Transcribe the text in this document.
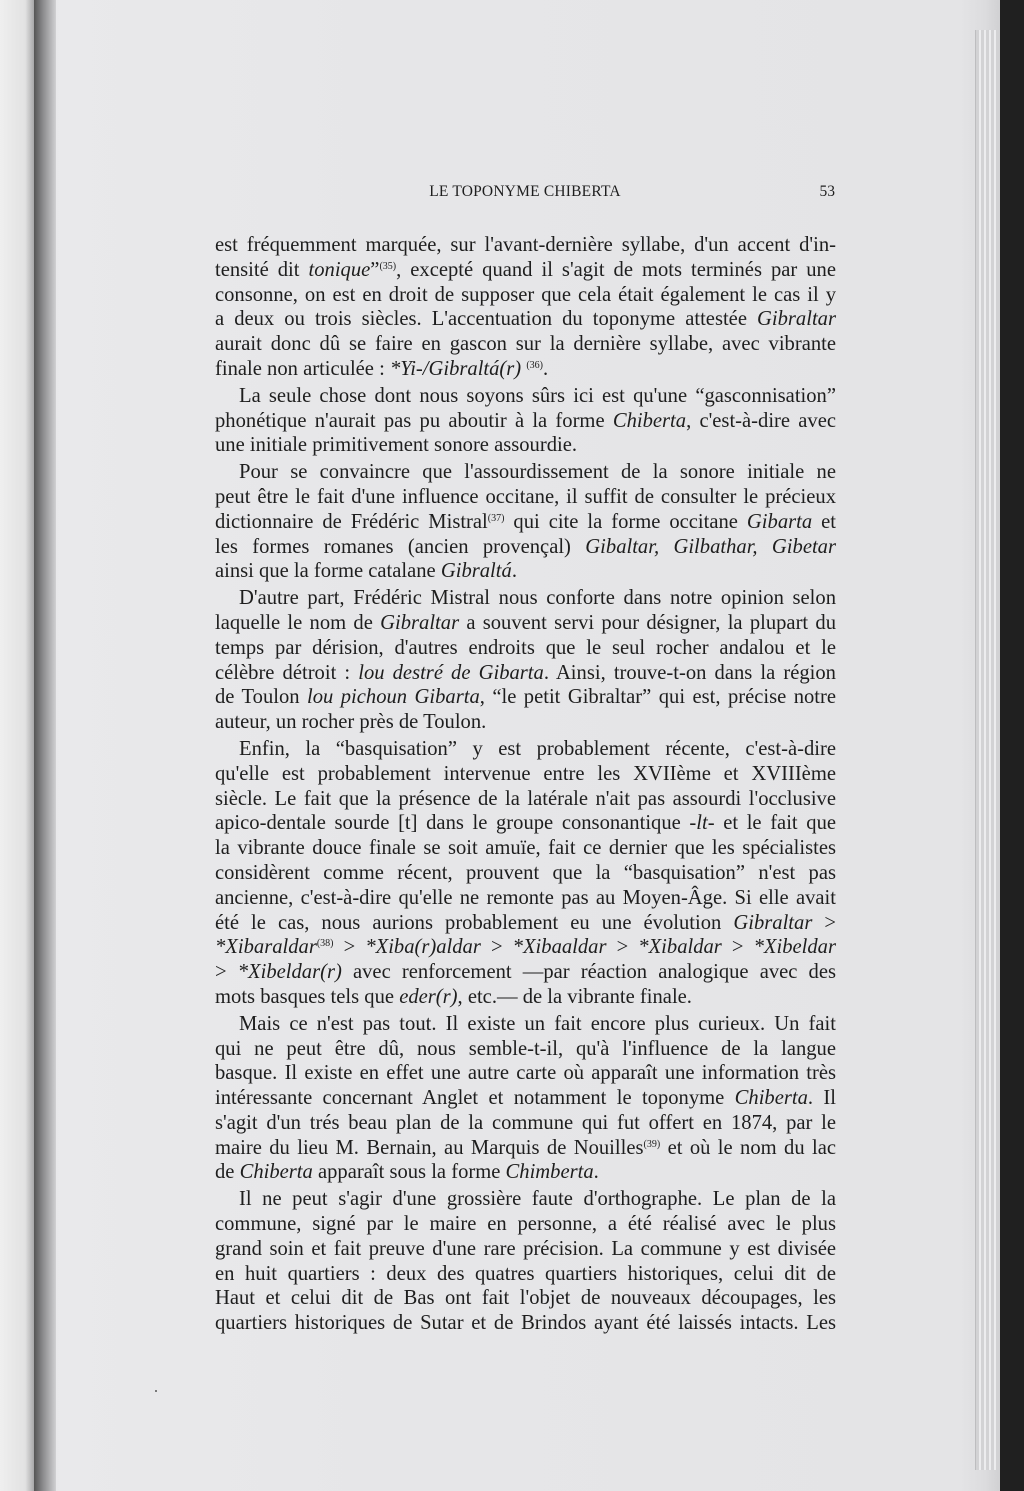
LE TOPONYME CHIBERTA	53
est fréquemment marquée, sur l'avant-dernière syllabe, d'un accent d'in-
tensité dit tonique”$^{(35)}$, excepté quand il s'agit de mots terminés par une
consonne, on est en droit de supposer que cela était également le cas il y
a deux ou trois siècles. L'accentuation du toponyme attestée Gibraltar
aurait donc dû se faire en gascon sur la dernière syllabe, avec vibrante
finale non articulée : *Yi-/Gibraltá(r) $^{(36)}$.
La seule chose dont nous soyons sûrs ici est qu'une “gasconnisation”
phonétique n'aurait pas pu aboutir à la forme Chiberta, c'est-à-dire avec
une initiale primitivement sonore assourdie.
Pour se convaincre que l'assourdissement de la sonore initiale ne
peut être le fait d'une influence occitane, il suffit de consulter le précieux
dictionnaire de Frédéric Mistral$^{(37)}$ qui cite la forme occitane Gibarta et
les formes romanes (ancien provençal) Gibaltar, Gilbathar, Gibetar
ainsi que la forme catalane Gibraltá.
D'autre part, Frédéric Mistral nous conforte dans notre opinion selon
laquelle le nom de Gibraltar a souvent servi pour désigner, la plupart du
temps par dérision, d'autres endroits que le seul rocher andalou et le
célèbre détroit : lou destré de Gibarta. Ainsi, trouve-t-on dans la région
de Toulon lou pichoun Gibarta, “le petit Gibraltar” qui est, précise notre
auteur, un rocher près de Toulon.
Enfin, la “basquisation” y est probablement récente, c'est-à-dire
qu'elle est probablement intervenue entre les XVIIème et XVIIIème
siècle. Le fait que la présence de la latérale n'ait pas assourdi l'occlusive
apico-dentale sourde [t] dans le groupe consonantique -lt- et le fait que
la vibrante douce finale se soit amuïe, fait ce dernier que les spécialistes
considèrent comme récent, prouvent que la “basquisation” n'est pas
ancienne, c'est-à-dire qu'elle ne remonte pas au Moyen-Âge. Si elle avait
été le cas, nous aurions probablement eu une évolution Gibraltar >
*Xibaraldar$^{(38)}$ > *Xiba(r)aldar > *Xibaaldar > *Xibaldar > *Xibeldar
> *Xibeldar(r) avec renforcement —par réaction analogique avec des
mots basques tels que eder(r), etc.— de la vibrante finale.
Mais ce n'est pas tout. Il existe un fait encore plus curieux. Un fait
qui ne peut être dû, nous semble-t-il, qu'à l'influence de la langue
basque. Il existe en effet une autre carte où apparaît une information très
intéressante concernant Anglet et notamment le toponyme Chiberta. Il
s'agit d'un trés beau plan de la commune qui fut offert en 1874, par le
maire du lieu M. Bernain, au Marquis de Nouilles$^{(39)}$ et où le nom du lac
de Chiberta apparaît sous la forme Chimberta.
Il ne peut s'agir d'une grossière faute d'orthographe. Le plan de la
commune, signé par le maire en personne, a été réalisé avec le plus
grand soin et fait preuve d'une rare précision. La commune y est divisée
en huit quartiers : deux des quatres quartiers historiques, celui dit de
Haut et celui dit de Bas ont fait l'objet de nouveaux découpages, les
quartiers historiques de Sutar et de Brindos ayant été laissés intacts. Les
